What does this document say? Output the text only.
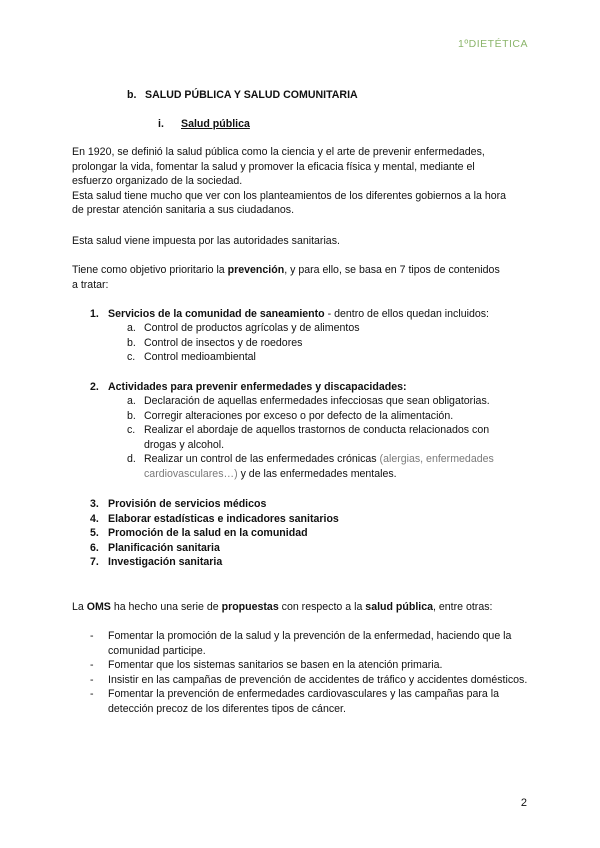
1ºDIETÉTICA
b. SALUD PÚBLICA Y SALUD COMUNITARIA
i. Salud pública
En 1920, se definió la salud pública como la ciencia y el arte de prevenir enfermedades,
prolongar la vida, fomentar la salud y promover la eficacia física y mental, mediante el
esfuerzo organizado de la sociedad.
Esta salud tiene mucho que ver con los planteamientos de los diferentes gobiernos a la hora
de prestar atención sanitaria a sus ciudadanos.
Esta salud viene impuesta por las autoridades sanitarias.
Tiene como objetivo prioritario la prevención, y para ello, se basa en 7 tipos de contenidos
a tratar:
1. Servicios de la comunidad de saneamiento - dentro de ellos quedan incluidos:
a. Control de productos agrícolas y de alimentos
b. Control de insectos y de roedores
c. Control medioambiental
2. Actividades para prevenir enfermedades y discapacidades:
a. Declaración de aquellas enfermedades infecciosas que sean obligatorias.
b. Corregir alteraciones por exceso o por defecto de la alimentación.
c. Realizar el abordaje de aquellos trastornos de conducta relacionados con drogas y alcohol.
d. Realizar un control de las enfermedades crónicas (alergias, enfermedades cardiovasculares…) y de las enfermedades mentales.
3. Provisión de servicios médicos
4. Elaborar estadísticas e indicadores sanitarios
5. Promoción de la salud en la comunidad
6. Planificación sanitaria
7. Investigación sanitaria
La OMS ha hecho una serie de propuestas con respecto a la salud pública, entre otras:
- Fomentar la promoción de la salud y la prevención de la enfermedad, haciendo que la comunidad participe.
- Fomentar que los sistemas sanitarios se basen en la atención primaria.
- Insistir en las campañas de prevención de accidentes de tráfico y accidentes domésticos.
- Fomentar la prevención de enfermedades cardiovasculares y las campañas para la detección precoz de los diferentes tipos de cáncer.
2
